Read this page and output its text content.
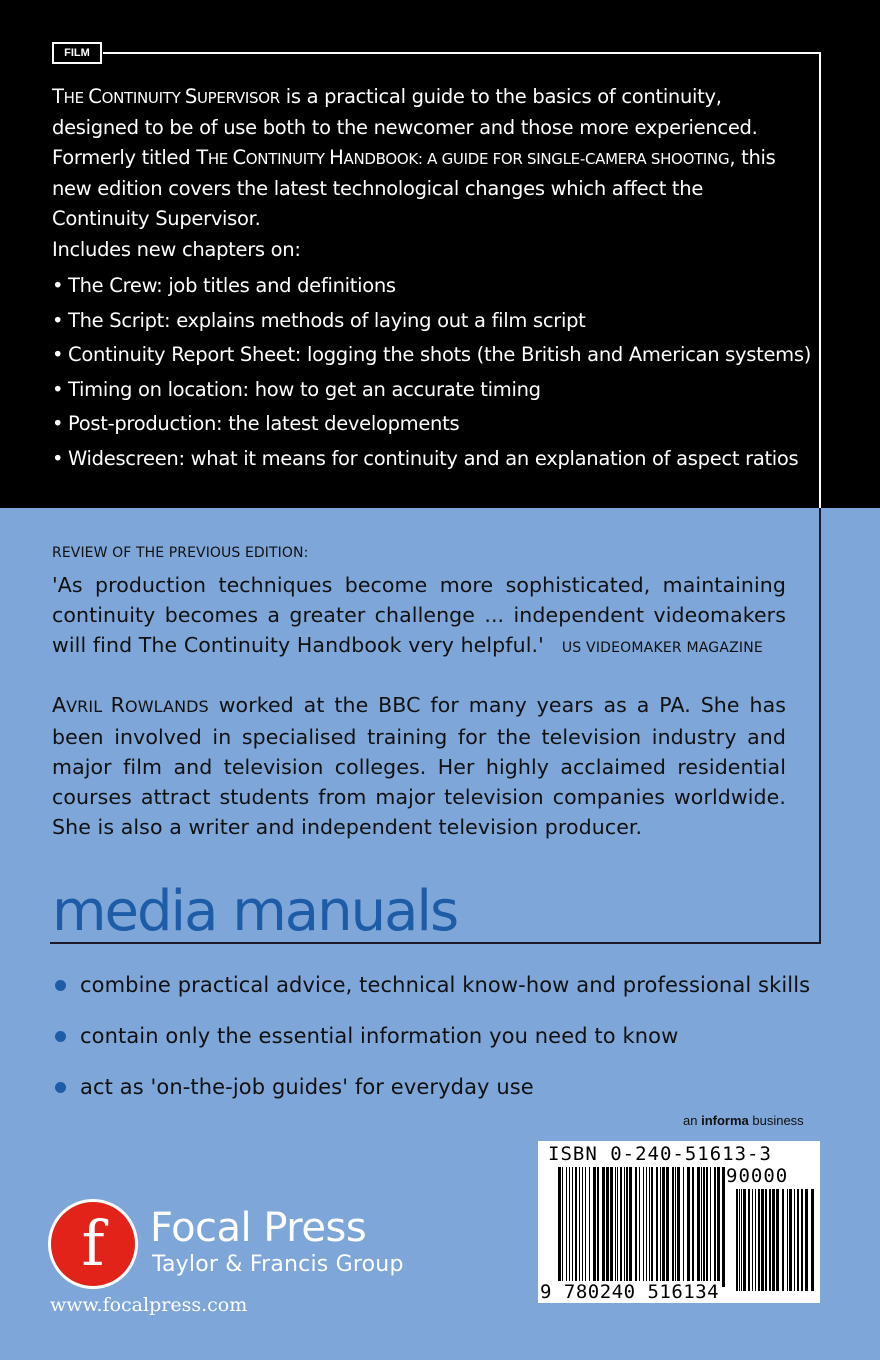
FILM

THE CONTINUITY SUPERVISOR is a practical guide to the basics of continuity, designed to be of use both to the newcomer and those more experienced. Formerly titled THE CONTINUITY HANDBOOK: A GUIDE FOR SINGLE-CAMERA SHOOTING, this new edition covers the latest technological changes which affect the Continuity Supervisor.

Includes new chapters on:
• The Crew: job titles and definitions
• The Script: explains methods of laying out a film script
• Continuity Report Sheet: logging the shots (the British and American systems)
• Timing on location: how to get an accurate timing
• Post-production: the latest developments
• Widescreen: what it means for continuity and an explanation of aspect ratios
REVIEW OF THE PREVIOUS EDITION:

'As production techniques become more sophisticated, maintaining continuity becomes a greater challenge ... independent videomakers will find The Continuity Handbook very helpful.' US VIDEOMAKER MAGAZINE

AVRIL ROWLANDS worked at the BBC for many years as a PA. She has been involved in specialised training for the television industry and major film and television colleges. Her highly acclaimed residential courses attract students from major television companies worldwide. She is also a writer and independent television producer.

media manuals
combine practical advice, technical know-how and professional skills
contain only the essential information you need to know
act as 'on-the-job guides' for everyday use
an informa business
ISBN 0-240-51613-3
90000
9 780240 516134
f	Focal Press
Taylor & Francis Group
www.focalpress.com
